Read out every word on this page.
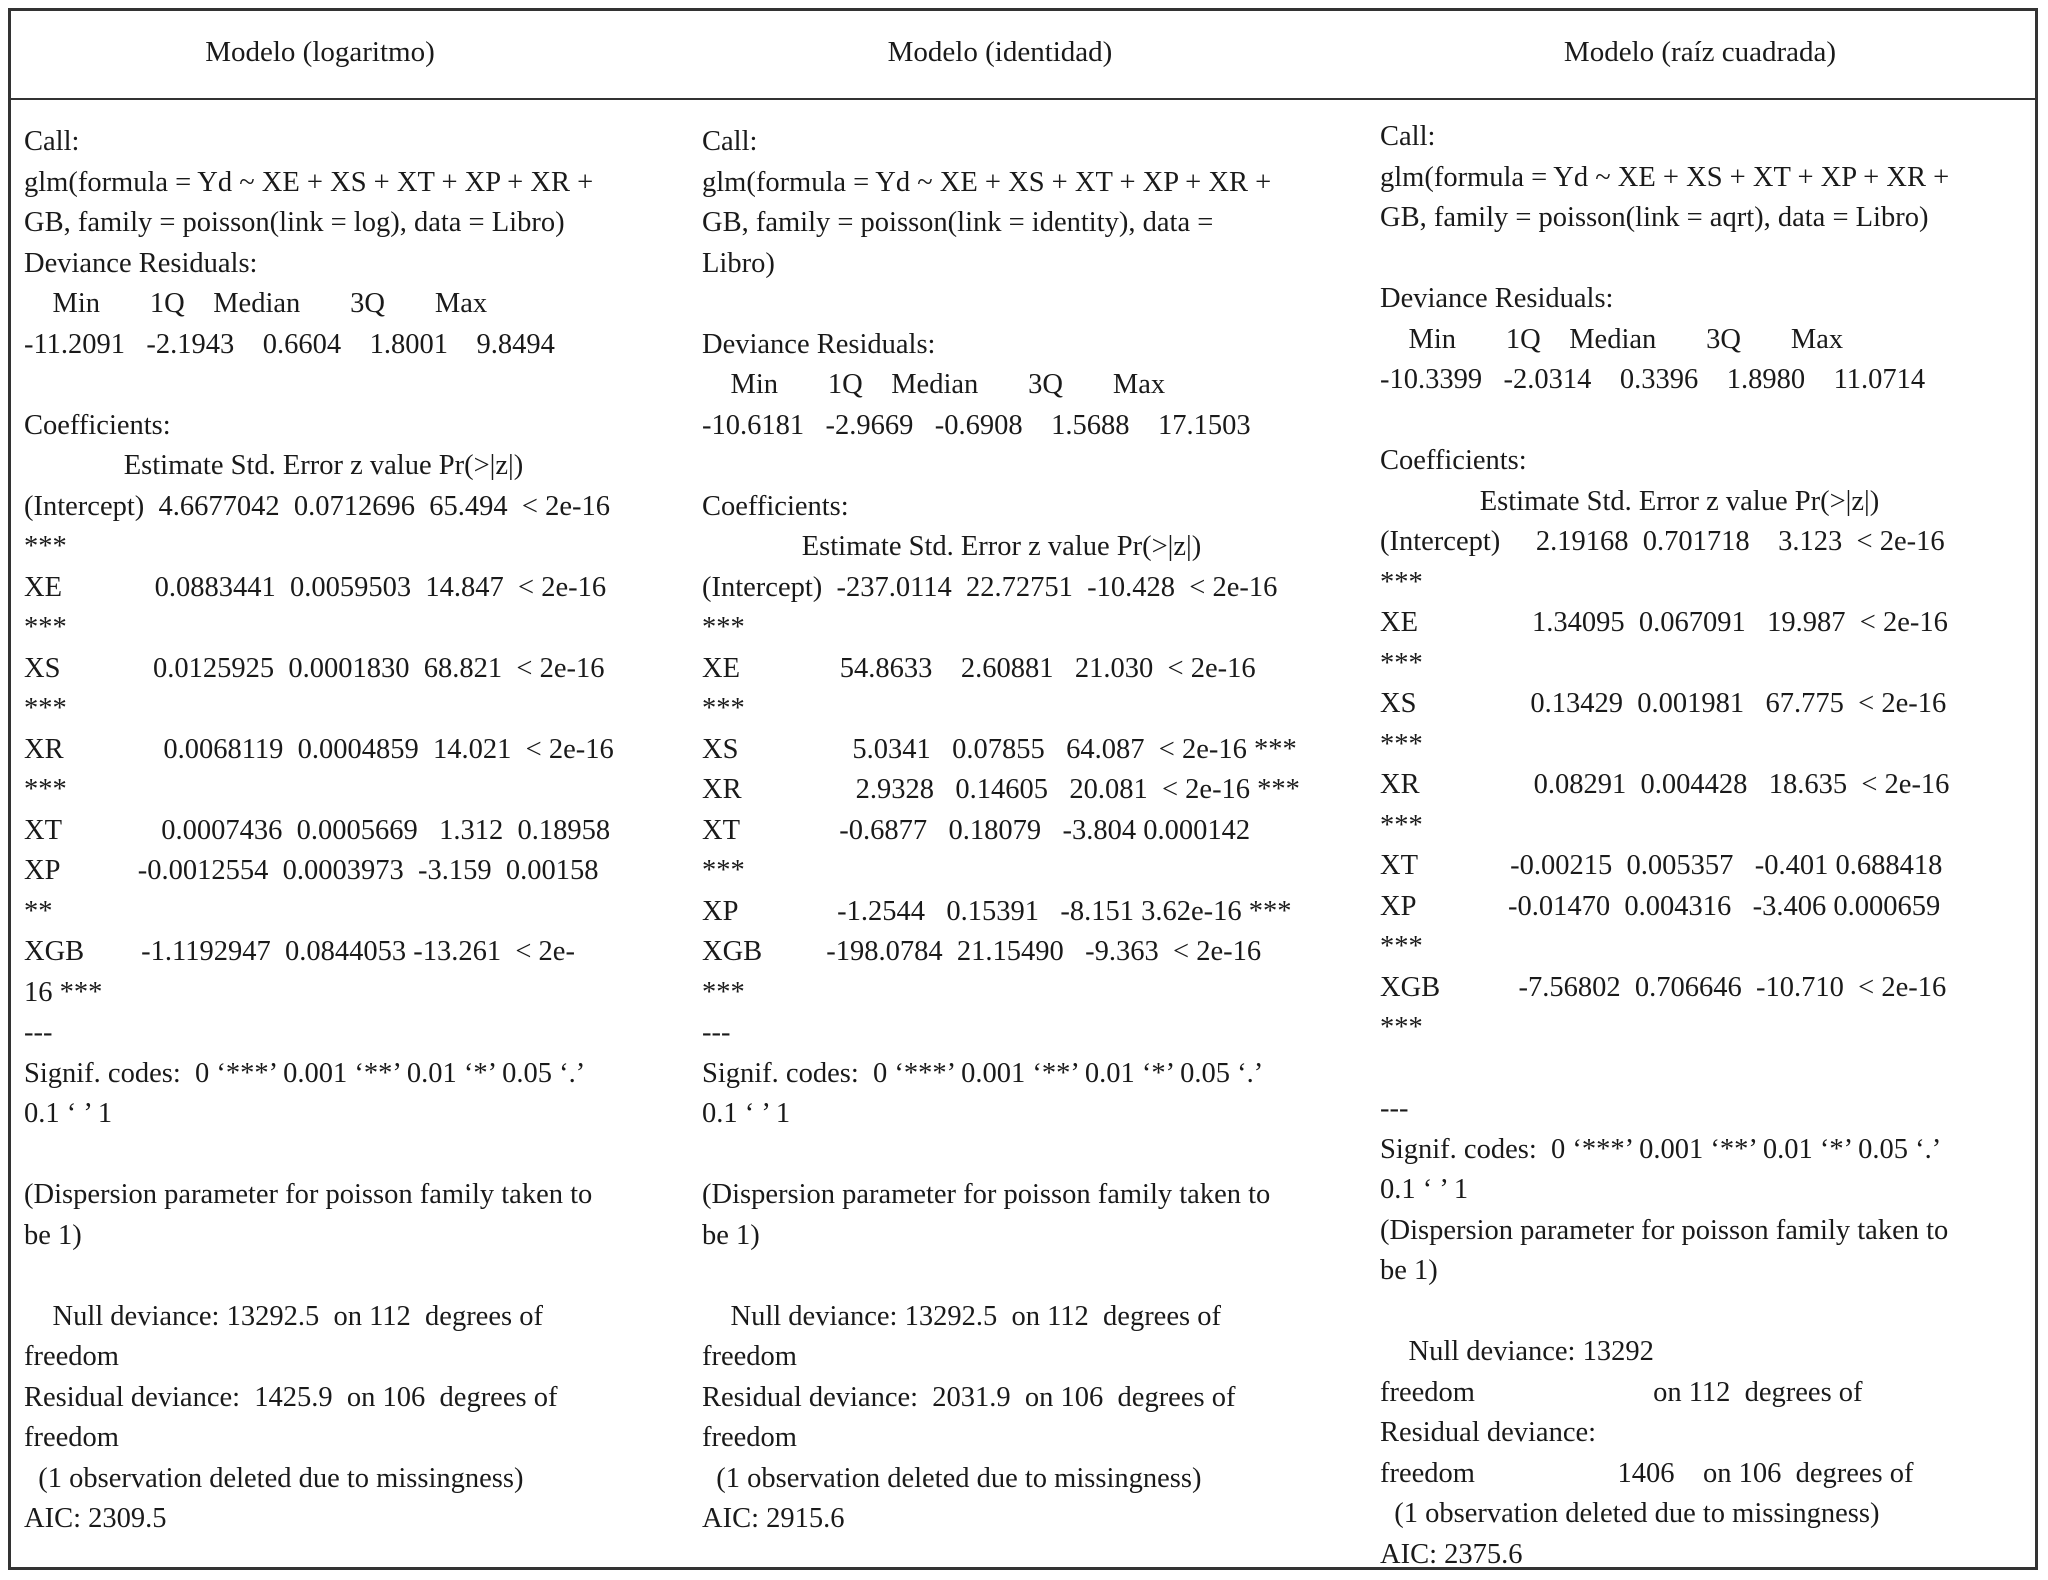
Modelo (logaritmo)	Modelo (identidad)	Modelo (raíz cuadrada)
Call:
glm(formula = Yd ~ XE + XS + XT + XP + XR +
GB, family = poisson(link = log), data = Libro)
Deviance Residuals:
Min       1Q    Median       3Q       Max
-11.2091   -2.1943    0.6604    1.8001    9.8494
Coefficients:
Estimate Std. Error z value Pr(>|z|)
(Intercept)  4.6677042  0.0712696  65.494  < 2e-16
***
XE             0.0883441  0.0059503  14.847  < 2e-16
***
XS             0.0125925  0.0001830  68.821  < 2e-16
***
XR              0.0068119  0.0004859  14.021  < 2e-16
***
XT              0.0007436  0.0005669   1.312  0.18958
XP           -0.0012554  0.0003973  -3.159  0.00158
**
XGB        -1.1192947  0.0844053 -13.261  < 2e-
16 ***
---
Signif. codes:  0 ‘***’ 0.001 ‘**’ 0.01 ‘*’ 0.05 ‘.’
0.1 ‘ ’ 1
(Dispersion parameter for poisson family taken to
be 1)
Null deviance: 13292.5  on 112  degrees of
freedom
Residual deviance:  1425.9  on 106  degrees of
freedom
(1 observation deleted due to missingness)
AIC: 2309.5
Call:
glm(formula = Yd ~ XE + XS + XT + XP + XR +
GB, family = poisson(link = identity), data =
Libro)
Deviance Residuals:
Min       1Q    Median       3Q       Max
-10.6181   -2.9669   -0.6908    1.5688    17.1503
Coefficients:
Estimate Std. Error z value Pr(>|z|)
(Intercept)  -237.0114  22.72751  -10.428  < 2e-16
***
XE              54.8633    2.60881   21.030  < 2e-16
***
XS                5.0341   0.07855   64.087  < 2e-16 ***
XR                2.9328   0.14605   20.081  < 2e-16 ***
XT              -0.6877   0.18079   -3.804 0.000142
***
XP              -1.2544   0.15391   -8.151 3.62e-16 ***
XGB         -198.0784  21.15490   -9.363  < 2e-16
***
---
Signif. codes:  0 ‘***’ 0.001 ‘**’ 0.01 ‘*’ 0.05 ‘.’
0.1 ‘ ’ 1
(Dispersion parameter for poisson family taken to
be 1)
Null deviance: 13292.5  on 112  degrees of
freedom
Residual deviance:  2031.9  on 106  degrees of
freedom
(1 observation deleted due to missingness)
AIC: 2915.6
Call:
glm(formula = Yd ~ XE + XS + XT + XP + XR +
GB, family = poisson(link = aqrt), data = Libro)
Deviance Residuals:
Min       1Q    Median       3Q       Max
-10.3399   -2.0314    0.3396    1.8980    11.0714
Coefficients:
Estimate Std. Error z value Pr(>|z|)
(Intercept)     2.19168  0.701718    3.123  < 2e-16
***
XE                1.34095  0.067091   19.987  < 2e-16
***
XS                0.13429  0.001981   67.775  < 2e-16
***
XR                0.08291  0.004428   18.635  < 2e-16
***
XT             -0.00215  0.005357   -0.401 0.688418
XP             -0.01470  0.004316   -3.406 0.000659
***
XGB           -7.56802  0.706646  -10.710  < 2e-16
***
---
Signif. codes:  0 ‘***’ 0.001 ‘**’ 0.01 ‘*’ 0.05 ‘.’
0.1 ‘ ’ 1
(Dispersion parameter for poisson family taken to
be 1)
Null deviance: 13292
freedom                         on 112  degrees of
Residual deviance:
freedom                    1406    on 106  degrees of
(1 observation deleted due to missingness)
AIC: 2375.6
